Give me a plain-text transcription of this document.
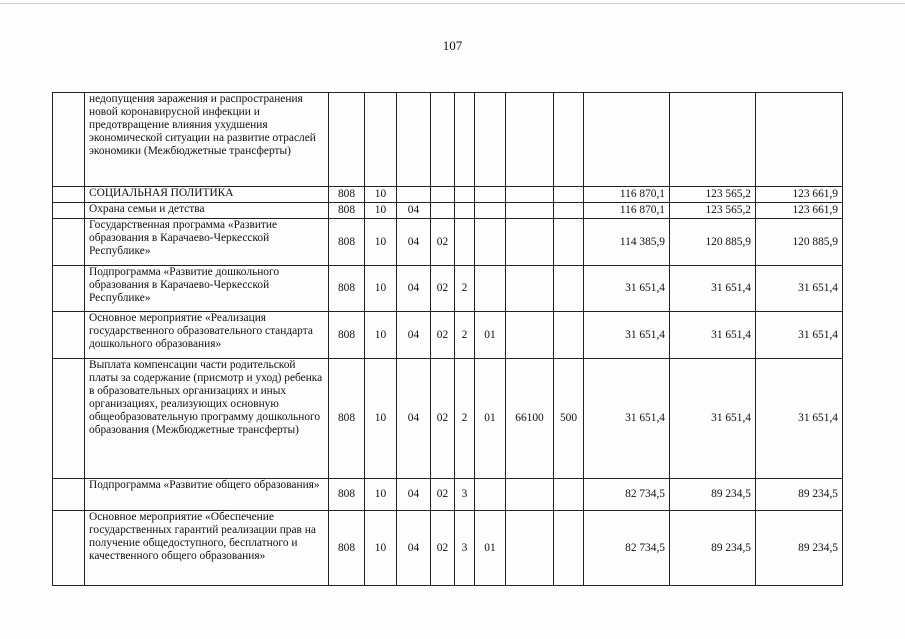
107
	недопущения заражения и распространения новой коронавирусной инфекции и предотвращение влияния ухудшения экономической ситуации на развитие отраслей экономики (Межбюджетные трансферты)											
	СОЦИАЛЬНАЯ ПОЛИТИКА	808	10							116 870,1	123 565,2	123 661,9
	Охрана семьи и детства	808	10	04						116 870,1	123 565,2	123 661,9
	Государственная программа «Развитие образования в Карачаево-Черкесской Республике»	808	10	04	02					114 385,9	120 885,9	120 885,9
	Подпрограмма «Развитие дошкольного образования в Карачаево-Черкесской Республике»	808	10	04	02	2				31 651,4	31 651,4	31 651,4
	Основное мероприятие «Реализация государственного образовательного стандарта дошкольного образования»	808	10	04	02	2	01			31 651,4	31 651,4	31 651,4
	Выплата компенсации части родительской платы за содержание (присмотр и уход) ребенка в образовательных организациях и иных организациях, реализующих основную общеобразовательную программу дошкольного образования (Межбюджетные трансферты)	808	10	04	02	2	01	66100	500	31 651,4	31 651,4	31 651,4
	Подпрограмма «Развитие общего образования»	808	10	04	02	3				82 734,5	89 234,5	89 234,5
	Основное мероприятие «Обеспечение государственных гарантий реализации прав на получение общедоступного, бесплатного и качественного общего образования»	808	10	04	02	3	01			82 734,5	89 234,5	89 234,5
